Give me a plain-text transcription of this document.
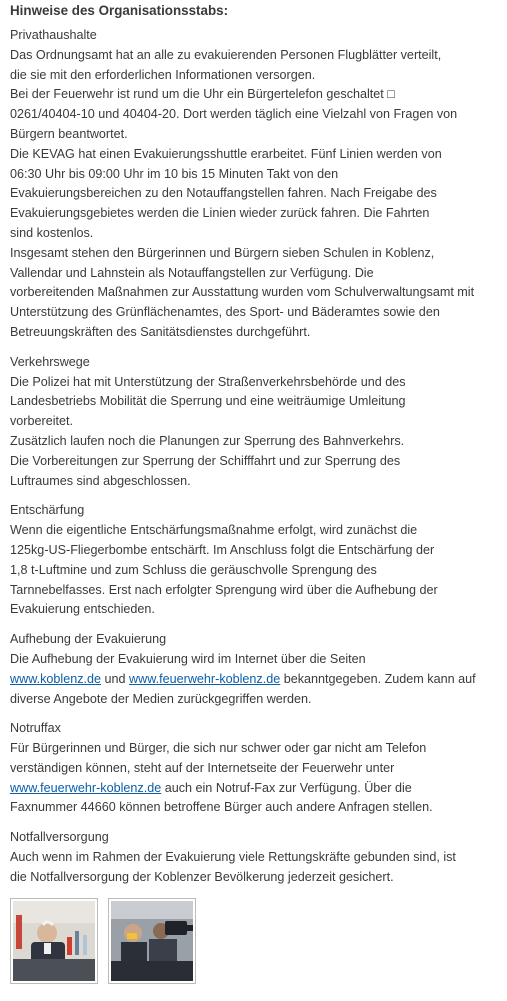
Hinweise des Organisationsstabs:
Privathaushalte
Das Ordnungsamt hat an alle zu evakuierenden Personen Flugblätter verteilt,
die sie mit den erforderlichen Informationen versorgen.
Bei der Feuerwehr ist rund um die Uhr ein Bürgertelefon geschaltet □
0261/40404-10 und 40404-20. Dort werden täglich eine Vielzahl von Fragen von
Bürgern beantwortet.
Die KEVAG hat einen Evakuierungsshuttle erarbeitet. Fünf Linien werden von
06:30 Uhr bis 09:00 Uhr im 10 bis 15 Minuten Takt von den
Evakuierungsbereichen zu den Notauffangstellen fahren. Nach Freigabe des
Evakuierungsgebietes werden die Linien wieder zurück fahren. Die Fahrten
sind kostenlos.
Insgesamt stehen den Bürgerinnen und Bürgern sieben Schulen in Koblenz,
Vallendar und Lahnstein als Notauffangstellen zur Verfügung. Die
vorbereitenden Maßnahmen zur Ausstattung wurden vom Schulverwaltungsamt mit
Unterstützung des Grünflächenamtes, des Sport- und Bäderamtes sowie den
Betreuungskräften des Sanitätsdienstes durchgeführt.
Verkehrswege
Die Polizei hat mit Unterstützung der Straßenverkehrsbehörde und des
Landesbetriebs Mobilität die Sperrung und eine weiträumige Umleitung
vorbereitet.
Zusätzlich laufen noch die Planungen zur Sperrung des Bahnverkehrs.
Die Vorbereitungen zur Sperrung der Schifffahrt und zur Sperrung des
Luftraumes sind abgeschlossen.
Entschärfung
Wenn die eigentliche Entschärfungsmaßnahme erfolgt, wird zunächst die
125kg-US-Fliegerbombe entschärft. Im Anschluss folgt die Entschärfung der
1,8 t-Luftmine und zum Schluss die geräuschvolle Sprengung des
Tarnnebelfasses. Erst nach erfolgter Sprengung wird über die Aufhebung der
Evakuierung entschieden.
Aufhebung der Evakuierung
Die Aufhebung der Evakuierung wird im Internet über die Seiten
www.koblenz.de und www.feuerwehr-koblenz.de bekanntgegeben. Zudem kann auf
diverse Angebote der Medien zurückgegriffen werden.
Notruffax
Für Bürgerinnen und Bürger, die sich nur schwer oder gar nicht am Telefon
verständigen können, steht auf der Internetseite der Feuerwehr unter
www.feuerwehr-koblenz.de auch ein Notruf-Fax zur Verfügung. Über die
Faxnummer 44660 können betroffene Bürger auch andere Anfragen stellen.
Notfallversorgung
Auch wenn im Rahmen der Evakuierung viele Rettungskräfte gebunden sind, ist
die Notfallversorgung der Koblenzer Bevölkerung jederzeit gesichert.
